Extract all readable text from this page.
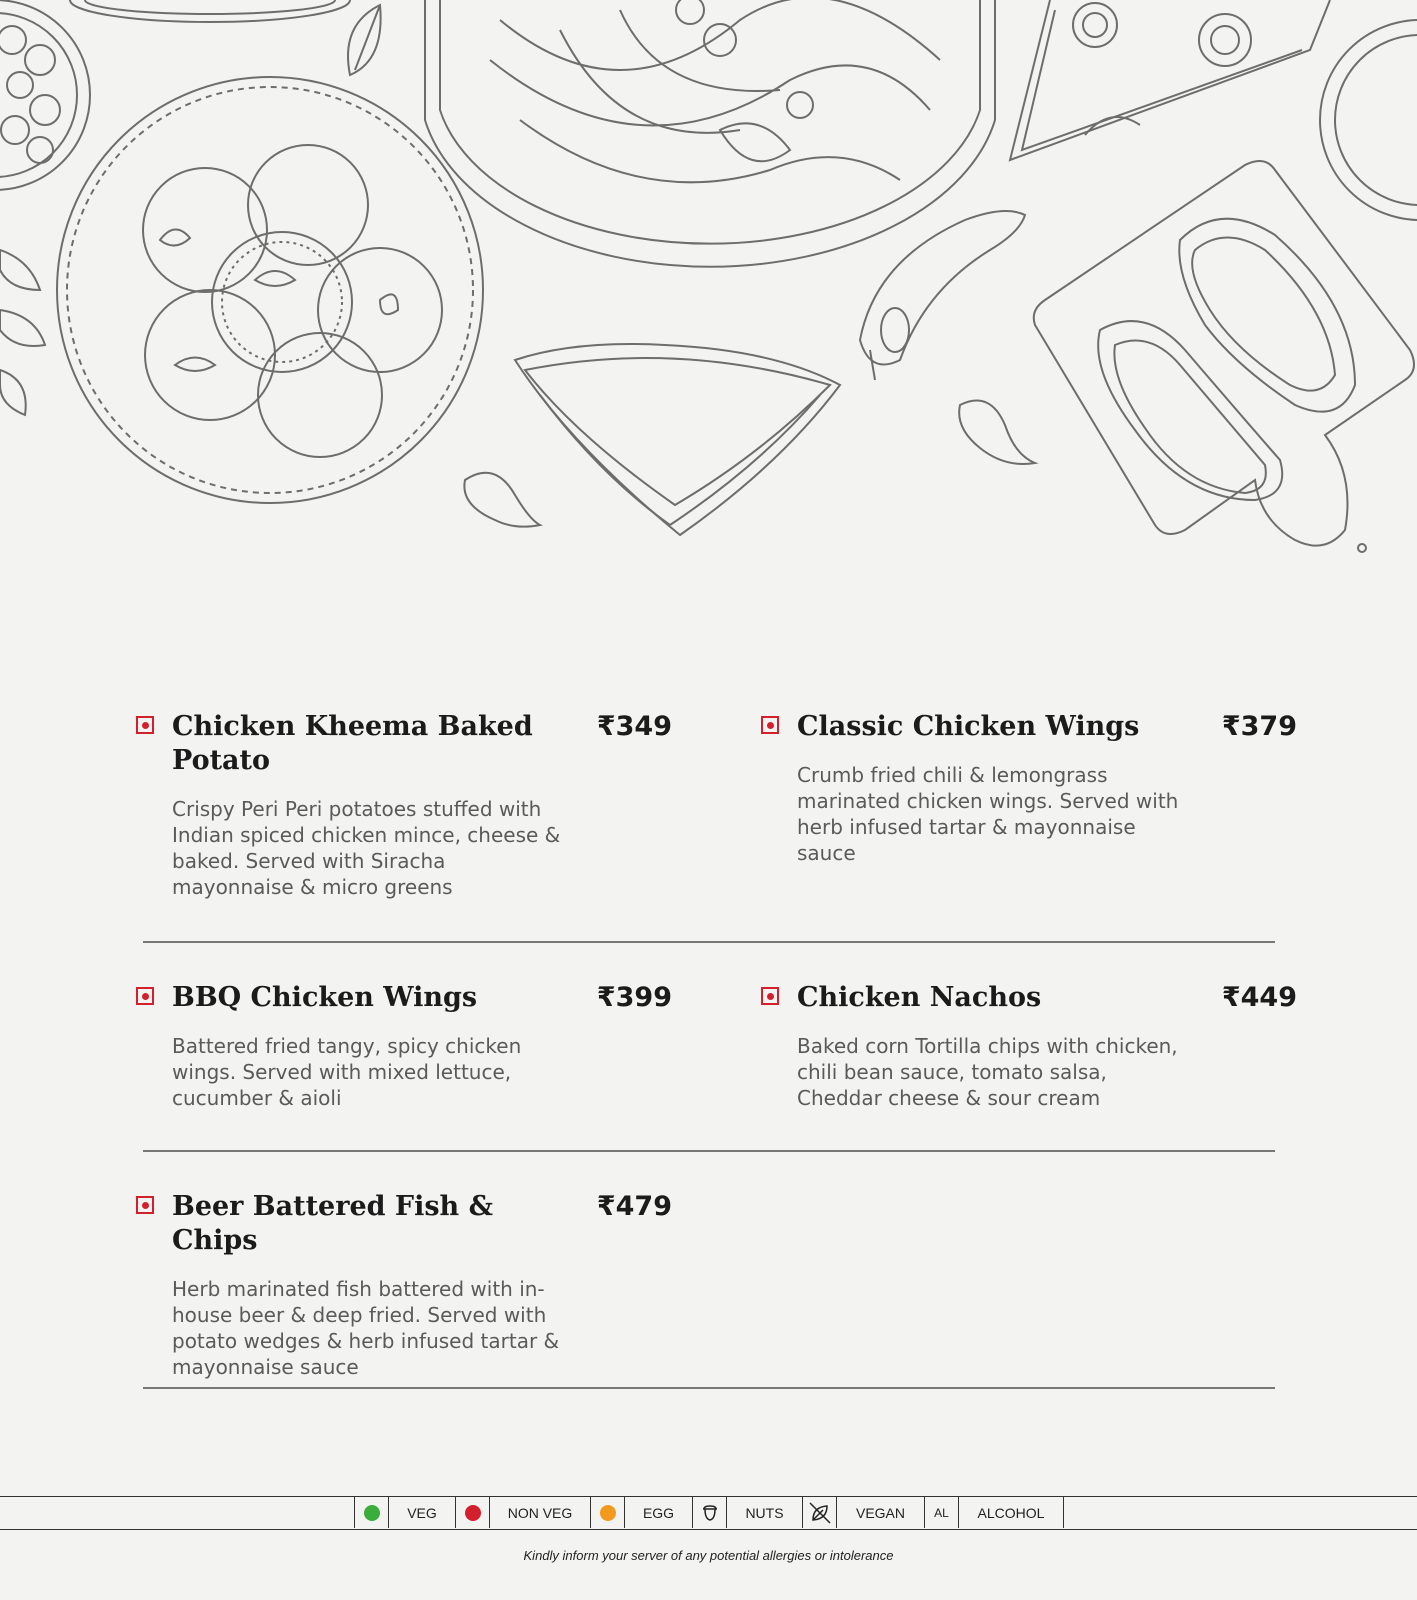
Chicken Kheema Baked Potato
₹349
Crispy Peri Peri potatoes stuffed with Indian spiced chicken mince, cheese & baked. Served with Siracha mayonnaise & micro greens
Classic Chicken Wings	₹379
Crumb fried chili & lemongrass marinated chicken wings. Served with herb infused tartar & mayonnaise sauce
BBQ Chicken Wings	₹399
Battered fried tangy, spicy chicken wings. Served with mixed lettuce, cucumber & aioli
Chicken Nachos	₹449
Baked corn Tortilla chips with chicken, chili bean sauce, tomato salsa, Cheddar cheese & sour cream
Beer Battered Fish & Chips
₹479
Herb marinated fish battered with in-house beer & deep fried. Served with potato wedges & herb infused tartar & mayonnaise sauce
VEG	NON VEG	EGG	NUTS	VEGAN	AL	ALCOHOL
Kindly inform your server of any potential allergies or intolerance
